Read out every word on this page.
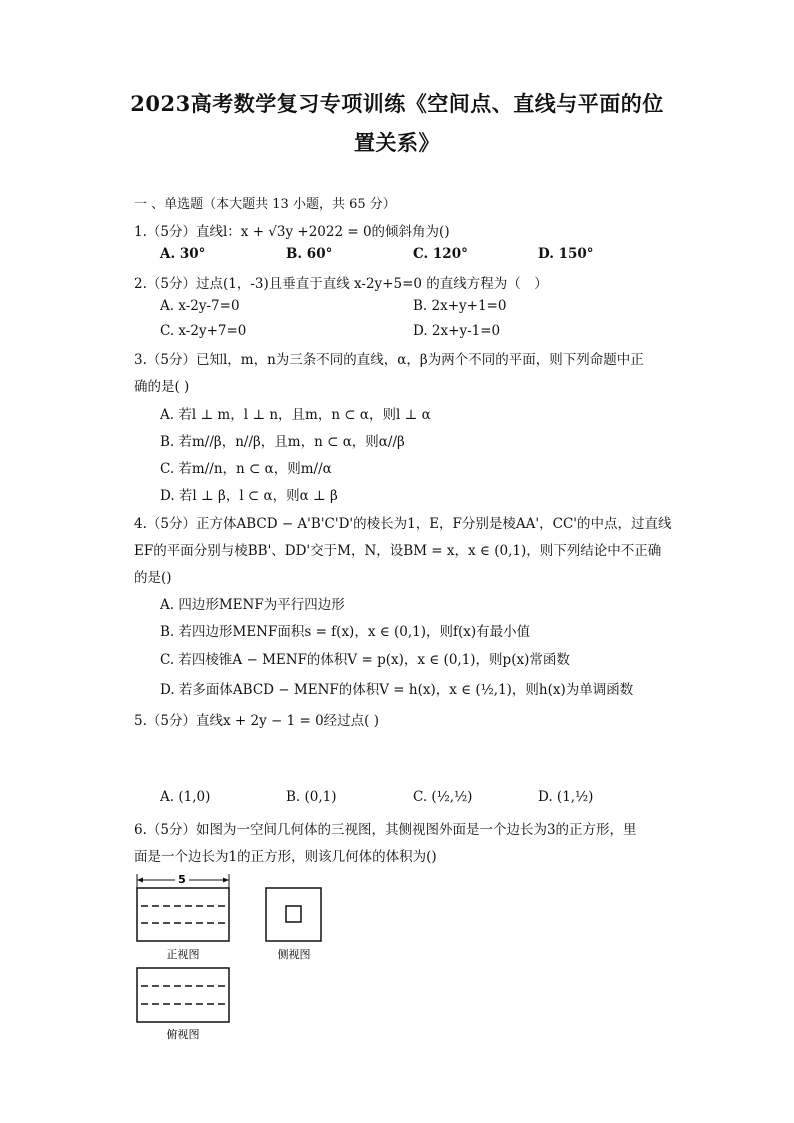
2023高考数学复习专项训练《空间点、直线与平面的位
置关系》
一 、单选题（本大题共 13 小题，共 65 分）
1.（5分）直线l：x + √3y +2022 = 0的倾斜角为()
A. 30°	B. 60°	C. 120°	D. 150°
2.（5分）过点(1，-3)且垂直于直线 x-2y+5=0 的直线方程为（　）
A. x-2y-7=0	B. 2x+y+1=0
C. x-2y+7=0	D. 2x+y-1=0
3.（5分）已知l，m，n为三条不同的直线，α，β为两个不同的平面，则下列命题中正
确的是( )
A. 若l ⊥ m，l ⊥ n，且m，n ⊂ α，则l ⊥ α
B. 若m//β，n//β，且m，n ⊂ α，则α//β
C. 若m//n，n ⊂ α，则m//α
D. 若l ⊥ β，l ⊂ α，则α ⊥ β
4.（5分）正方体ABCD − A'B'C'D'的棱长为1，E，F分别是棱AA'，CC'的中点，过直线
EF的平面分别与棱BB'、DD'交于M，N，设BM = x，x ∈ (0,1)，则下列结论中不正确
的是()
A. 四边形MENF为平行四边形
B. 若四边形MENF面积s = f(x)，x ∈ (0,1)，则f(x)有最小值
C. 若四棱锥A − MENF的体积V = p(x)，x ∈ (0,1)，则p(x)常函数
D. 若多面体ABCD − MENF的体积V = h(x)，x ∈ (½,1)，则h(x)为单调函数
5.（5分）直线x + 2y − 1 = 0经过点( )
A. (1,0)	B. (0,1)	C. (½,½)	D. (1,½)
6.（5分）如图为一空间几何体的三视图，其侧视图外面是一个边长为3的正方形，里
面是一个边长为1的正方形，则该几何体的体积为()
5
正视图	侧视图
俯视图
